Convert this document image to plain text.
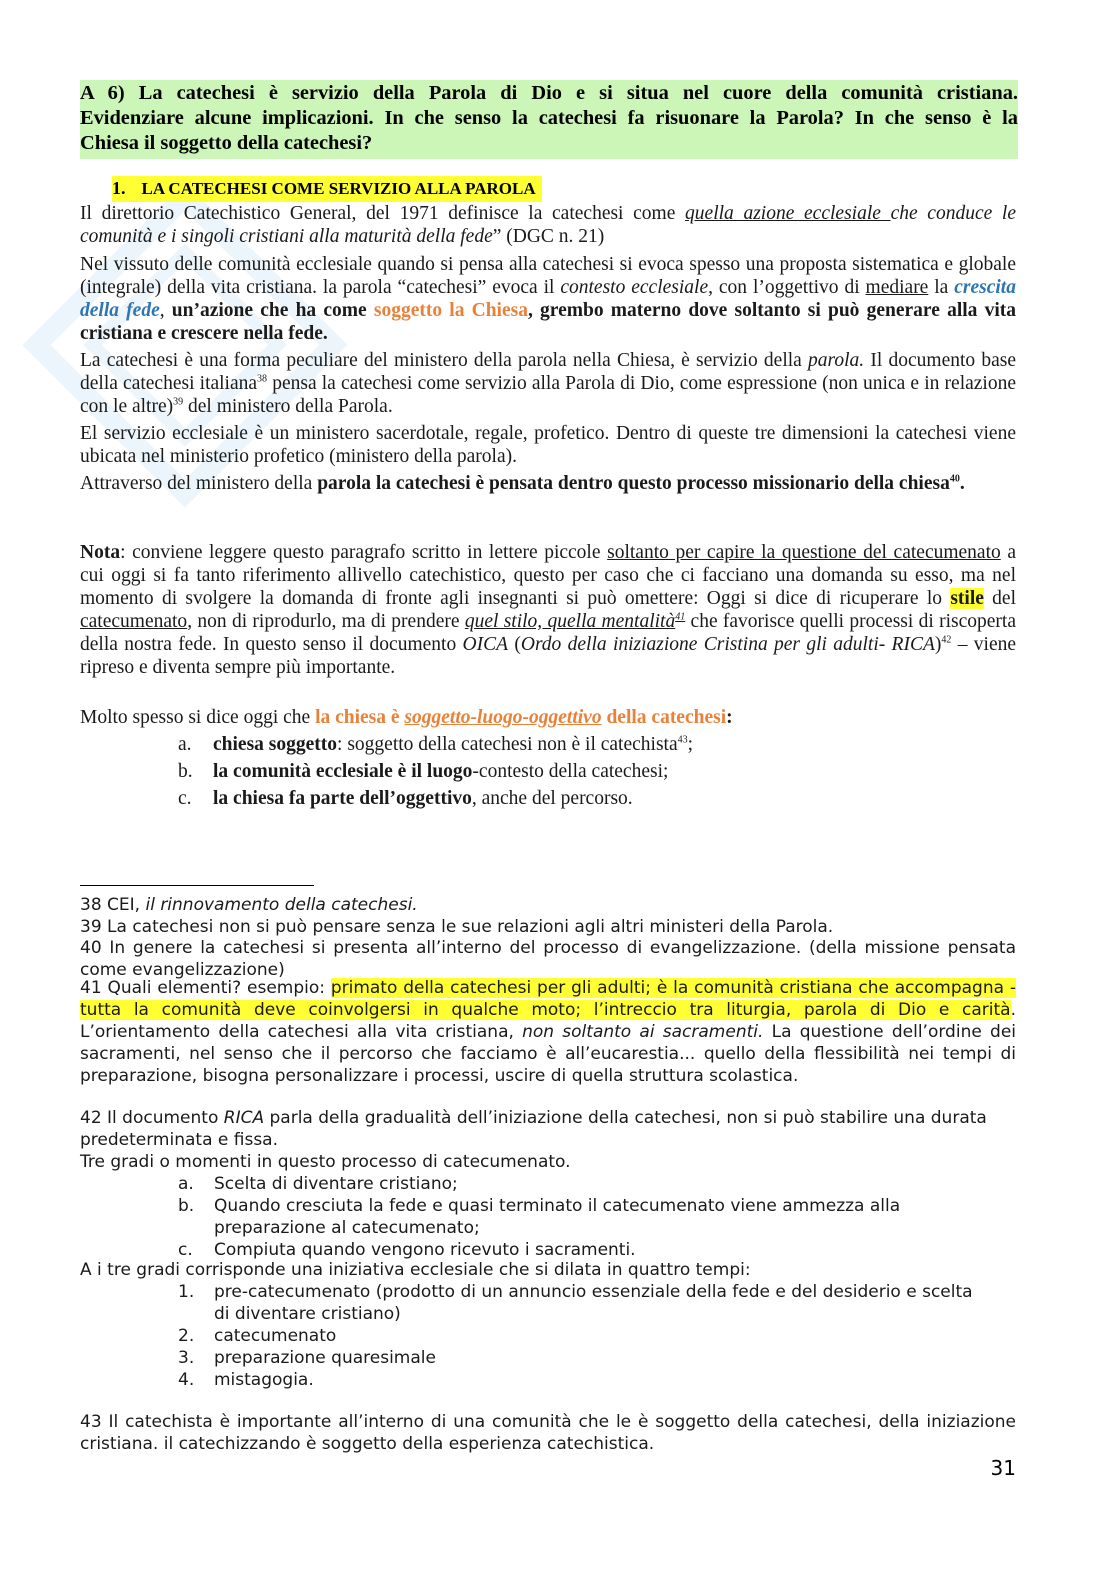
A 6) La catechesi è servizio della Parola di Dio e si situa nel cuore della comunità cristiana.
Evidenziare alcune implicazioni. In che senso la catechesi fa risuonare la Parola? In che senso è la
Chiesa il soggetto della catechesi?
1. LA CATECHESI COME SERVIZIO ALLA PAROLA

Il direttorio Catechistico General, del 1971 definisce la catechesi come quella azione ecclesiale che conduce le comunità e i singoli cristiani alla maturità della fede” (DGC n. 21)

Nel vissuto delle comunità ecclesiale quando si pensa alla catechesi si evoca spesso una proposta sistematica e globale (integrale) della vita cristiana. la parola “catechesi” evoca il contesto ecclesiale, con l’oggettivo di mediare la crescita della fede, un’azione che ha come soggetto la Chiesa, grembo materno dove soltanto si può generare alla vita cristiana e crescere nella fede.

La catechesi è una forma peculiare del ministero della parola nella Chiesa, è servizio della parola. Il documento base della catechesi italiana$^{38}$ pensa la catechesi come servizio alla Parola di Dio, come espressione (non unica e in relazione con le altre)$^{39}$ del ministero della Parola.

El servizio ecclesiale è un ministero sacerdotale, regale, profetico. Dentro di queste tre dimensioni la catechesi viene ubicata nel ministerio profetico (ministero della parola).

Attraverso del ministero della parola la catechesi è pensata dentro questo processo missionario della chiesa$^{40}$.

Nota: conviene leggere questo paragrafo scritto in lettere piccole soltanto per capire la questione del catecumenato a cui oggi si fa tanto riferimento allivello catechistico, questo per caso che ci facciano una domanda su esso, ma nel momento di svolgere la domanda di fronte agli insegnanti si può omettere: Oggi si dice di ricuperare lo stile del catecumenato, non di riprodurlo, ma di prendere quel stilo, quella mentalità$^{41}$ che favorisce quelli processi di riscoperta della nostra fede. In questo senso il documento OICA (Ordo della iniziazione Cristina per gli adulti- RICA)$^{42}$ – viene ripreso e diventa sempre più importante.

Molto spesso si dice oggi che la chiesa è soggetto-luogo-oggettivo della catechesi:

a. chiesa soggetto: soggetto della catechesi non è il catechista$^{43}$;
b. la comunità ecclesiale è il luogo-contesto della catechesi;
c. la chiesa fa parte dell’oggettivo, anche del percorso.

38 CEI, il rinnovamento della catechesi.

39 La catechesi non si può pensare senza le sue relazioni agli altri ministeri della Parola.

40 In genere la catechesi si presenta all’interno del processo di evangelizzazione. (della missione pensata come evangelizzazione)

41 Quali elementi? esempio: primato della catechesi per gli adulti; è la comunità cristiana che accompagna -tutta la comunità deve coinvolgersi in qualche moto; l’intreccio tra liturgia, parola di Dio e carità. L’orientamento della catechesi alla vita cristiana, non soltanto ai sacramenti. La questione dell’ordine dei sacramenti, nel senso che il percorso che facciamo è all’eucarestia... quello della flessibilità nei tempi di preparazione, bisogna personalizzare i processi, uscire di quella struttura scolastica.

42 Il documento RICA parla della gradualità dell’iniziazione della catechesi, non si può stabilire una durata predeterminata e fissa.

Tre gradi o momenti in questo processo di catecumenato.

a. Scelta di diventare cristiano;
b. Quando cresciuta la fede e quasi terminato il catecumenato viene ammezza alla preparazione al catecumenato;
c. Compiuta quando vengono ricevuto i sacramenti.

A i tre gradi corrisponde una iniziativa ecclesiale che si dilata in quattro tempi:

1. pre-catecumenato (prodotto di un annuncio essenziale della fede e del desiderio e scelta di diventare cristiano)
2. catecumenato
3. preparazione quaresimale
4. mistagogia.

43 Il catechista è importante all’interno di una comunità che le è soggetto della catechesi, della iniziazione cristiana. il catechizzando è soggetto della esperienza catechistica.

31
